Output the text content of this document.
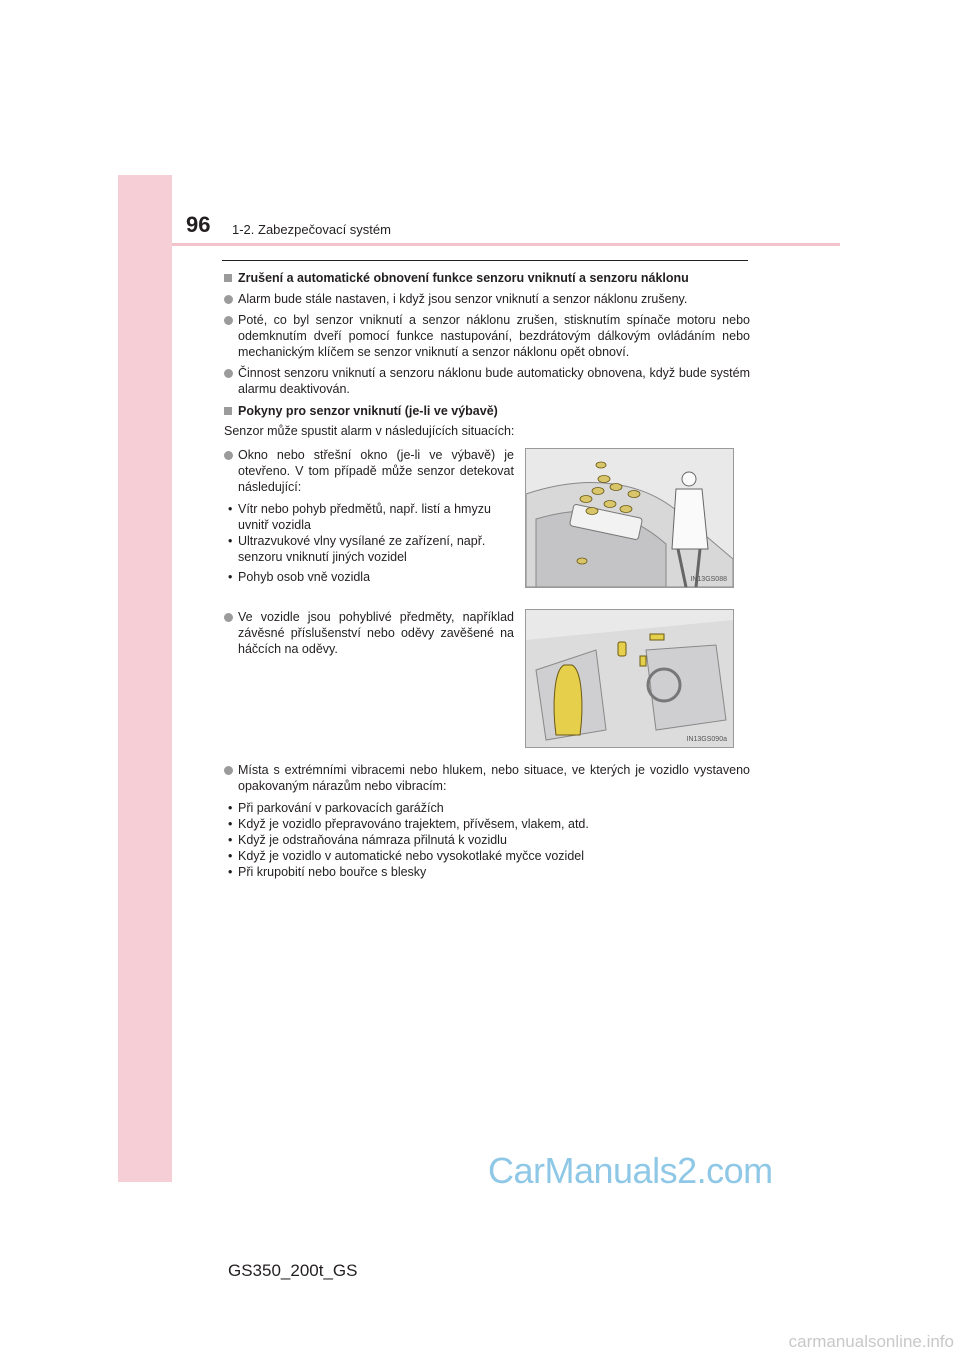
96 1-2. Zabezpečovací systém
Zrušení a automatické obnovení funkce senzoru vniknutí a senzoru náklonu
Alarm bude stále nastaven, i když jsou senzor vniknutí a senzor náklonu zrušeny.
Poté, co byl senzor vniknutí a senzor náklonu zrušen, stisknutím spínače motoru nebo odemknutím dveří pomocí funkce nastupování, bezdrátovým dálkovým ovládáním nebo mechanickým klíčem se senzor vniknutí a senzor náklonu opět obnoví.
Činnost senzoru vniknutí a senzoru náklonu bude automaticky obnovena, když bude systém alarmu deaktivován.
Pokyny pro senzor vniknutí (je-li ve výbavě)
Senzor může spustit alarm v následujících situacích:
Okno nebo střešní okno (je-li ve výbavě) je otevřeno. V tom případě může senzor detekovat následující:
• Vítr nebo pohyb předmětů, např. listí a hmyzu uvnitř vozidla
• Ultrazvukové vlny vysílané ze zařízení, např. senzoru vniknutí jiných vozidel
• Pohyb osob vně vozidla	IN13GS088
Ve vozidle jsou pohyblivé předměty, například závěsné příslušenství nebo oděvy zavěšené na háčcích na oděvy.
IN13GS090a
Místa s extrémními vibracemi nebo hlukem, nebo situace, ve kterých je vozidlo vystaveno opakovaným nárazům nebo vibracím:
• Při parkování v parkovacích garážích
• Když je vozidlo přepravováno trajektem, přívěsem, vlakem, atd.
• Když je odstraňována námraza přilnutá k vozidlu
• Když je vozidlo v automatické nebo vysokotlaké myčce vozidel
• Při krupobití nebo bouřce s blesky
CarManuals2.com
GS350_200t_GS
carmanualsonline.info
